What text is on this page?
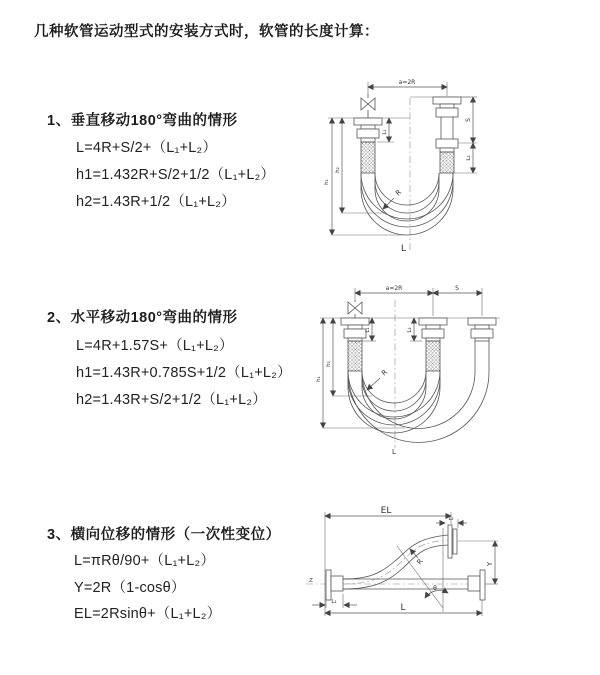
几种软管运动型式的安装方式时，软管的长度计算：
1、垂直移动180°弯曲的情形
L=4R+S/2+（L₁+L₂）
h1=1.432R+S/2+1/2（L₁+L₂）
h2=1.43R+1/2（L₁+L₂）
2、水平移动180°弯曲的情形
L=4R+1.57S+（L₁+L₂）
h1=1.43R+0.785S+1/2（L₁+L₂）
h2=1.43R+S/2+1/2（L₁+L₂）
3、横向位移的情形（一次性变位）
L=πRθ/90+（L₁+L₂）
Y=2R（1-cosθ）
EL=2Rsinθ+（L₁+L₂）
a=2R
L₁
S
L₂
R
h₁
h₂
L
a=2R	S
L₁	L₂
R
h₁
h₂
L
Z
EL
L₂
Y
R
θ
L
L₁
